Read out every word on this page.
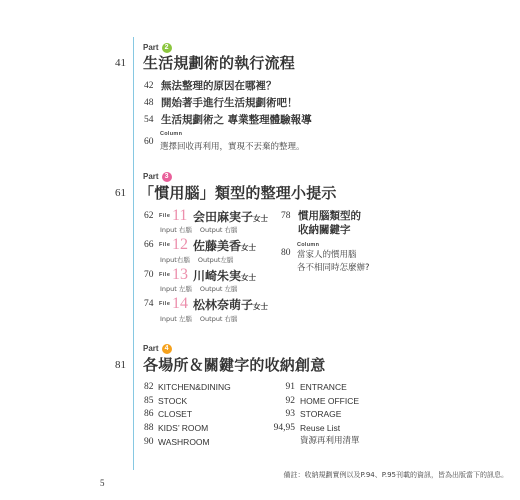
Part 2
41 生活規劃術的執行流程
42 無法整理的原因在哪裡？
48 開始著手進行生活規劃術吧！
54 生活規劃術之 專業整理體驗報導
Column
60 選擇回收再利用，實現不丟棄的整理。
Part 3
61 「慣用腦」類型的整理小提示
62 File 11 会田麻実子女士
Input 右腦 Output 右腦
66 File 12 佐藤美香女士
Input右腦 Output左腦
70 File 13 川崎朱実女士
Input 左腦 Output 左腦
74 File 14 松林奈萌子女士
Input 左腦 Output 右腦
78 慣用腦類型的
收納關鍵字
Column
80 當家人的慣用腦
各不相同時怎麼辦?
Part 4
81 各場所＆關鍵字的收納創意
82 KITCHEN&DINING
85 STOCK
86 CLOSET
88 KIDS’ ROOM
90 WASHROOM
91 ENTRANCE
92 HOME OFFICE
93 STORAGE
94,95 Reuse List
資源再利用清單
備註：收納規劃實例以及P.94、P.95刊載的資訊，皆為出版當下的訊息。
5
